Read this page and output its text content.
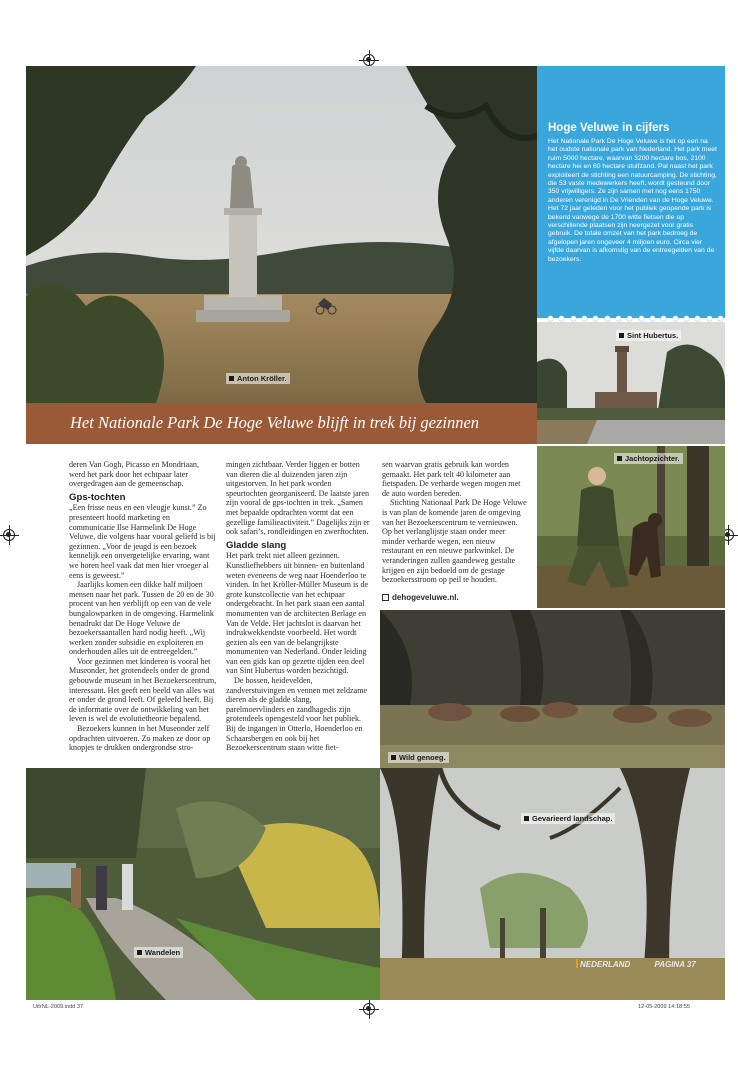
Anton Kröller.
Hoge Veluwe in cijfers

Het Nationale Park De Hoge Veluwe is het op een na het oudste nationale park van Nederland. Het park meet ruim 5000 hectare, waarvan 3200 hectare bos, 2100 hectare hei en 60 hectare stuifzand. Pal naast het park exploiteert de stichting een natuurcamping. De stichting, die 53 vaste medewerkers heeft, wordt gesteund door 350 vrijwilligers. Ze zijn samen met nog eens 1750 anderen verenigd in De Vrienden van de Hoge Veluwe.

Het 72 jaar geleden voor het publiek geopende park is bekend vanwege de 1700 witte fietsen die op verschillende plaatsen zijn neergezet voor gratis gebruik. De totale omzet van het park bedroeg de afgelopen jaren ongeveer 4 miljoen euro. Circa vier vijfde daarvan is afkomstig van de entreegelden van de bezoekers.

Sint Hubertus.
Het Nationale Park De Hoge Veluwe blijft in trek bij gezinnen
Jachtopzichter.

deren Van Gogh, Picasso en Mondriaan, werd het park door het echtpaar later overgedragen aan de gemeenschap.

Gps-tochten

„Een frisse neus en een vleugje kunst.” Zo presenteert hoofd marketing en communicatie Ilse Harmelink De Hoge Veluwe, die volgens haar vooral geliefd is bij gezinnen. „Voor de jeugd is een bezoek kennelijk een onvergetelijke ervaring, want we horen heel vaak dat men hier vroeger al eens is geweest.”

Jaarlijks komen een dikke half miljoen mensen naar het park. Tussen de 20 en de 30 procent van hen verblijft op een van de vele bungalowparken in de omgeving. Harmelink benadrukt dat De Hoge Veluwe de bezoekersaantallen hard nodig heeft. „Wij werken zonder subsidie en exploiteren en onderhouden alles uit de entreegelden.”

Voor gezinnen met kinderen is vooral het Museonder, het grotendeels onder de grond gebouwde museum in het Bezoekerscentrum, interessant. Het geeft een beeld van alles wat er onder de grond leeft. Of geleefd heeft. Bij de informatie over de ontwikkeling van het leven is wel de evolutietheorie bepalend.

Bezoekers kunnen in het Museonder zelf opdrachten uitvoeren. Zo maken ze door op knopjes te drukken ondergrondse stro-

mingen zichtbaar. Verder liggen er botten van dieren die al duizenden jaren zijn uitgestorven. In het park worden speurtochten georganiseerd. De laatste jaren zijn vooral de gps-tochten in trek. „Samen met bepaalde opdrachten vormt dat een gezellige familieactiviteit.” Dagelijks zijn er ook safari’s, rondleidingen en zwerftochten.

Gladde slang

Het park trekt niet alleen gezinnen. Kunstliefhebbers uit binnen- en buitenland weten eveneens de weg naar Hoenderloo te vinden. In het Kröller-Müller Museum is de grote kunstcollectie van het echtpaar ondergebracht. In het park staan een aantal monumenten van de architecten Berlage en Van de Velde. Het jachtslot is daarvan het indrukwekkendste voorbeeld. Het wordt gezien als een van de belangrijkste monumenten van Nederland. Onder leiding van een gids kan op gezette tijden een deel van Sint Hubertus worden bezichtigd.

De bossen, heidevelden, zandverstuivingen en vennen met zeldzame dieren als de gladde slang, parelmoervlinders en zandhagedis zijn grotendeels opengesteld voor het publiek. Bij de ingangen in Otterlo, Hoenderloo en Schaarsbergen en ook bij het Bezoekerscentrum staan witte fiet-

sen waarvan gratis gebruik kan worden gemaakt. Het park telt 40 kilometer aan fietspaden. De verharde wegen mogen met de auto worden bereden.

Stichting Nationaal Park De Hoge Veluwe is van plan de komende jaren de omgeving van het Bezoekerscentrum te vernieuwen. Op het verlanglijstje staan onder meer minder verharde wegen, een nieuw restaurant en een nieuwe parkwinkel. De veranderingen zullen gaandeweg gestalte krijgen en zijn bedoeld om de gestage bezoekersstroom op peil te houden.

dehogeveluwe.nl.

Wild genoeg.
Wandelen
Gevarieerd landschap.
NEDERLAND	PAGINA 37
UitrNL-2009.indd 37	12-05-2009 14:18:55
